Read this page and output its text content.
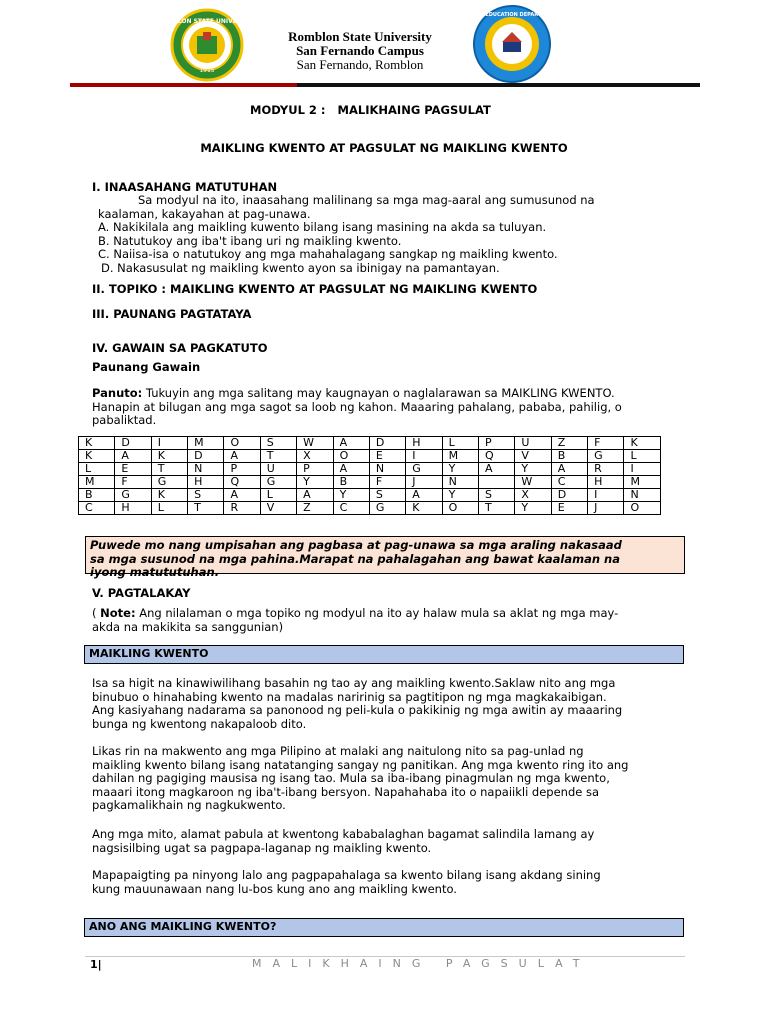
ROMBLON STATE UNIVERSITY
1915
BASIC EDUCATION DEPARTMENT
Romblon State University
San Fernando Campus
San Fernando, Romblon
MODYUL 2 : MALIKHAING PAGSULAT
MAIKLING KWENTO AT PAGSULAT NG MAIKLING KWENTO
I. INAASAHANG MATUTUHAN
Sa modyul na ito, inaasahang malilinang sa mga mag-aaral ang sumusunod na
kaalaman, kakayahan at pag-unawa.
A. Nakikilala ang maikling kuwento bilang isang masining na akda sa tuluyan.
B. Natutukoy ang iba't ibang uri ng maikling kwento.
C. Naiisa-isa o natutukoy ang mga mahahalagang sangkap ng maikling kwento.
D. Nakasusulat ng maikling kwento ayon sa ibinigay na pamantayan.
II. TOPIKO : MAIKLING KWENTO AT PAGSULAT NG MAIKLING KWENTO
III. PAUNANG PAGTATAYA
IV. GAWAIN SA PAGKATUTO
Paunang Gawain
Panuto: Tukuyin ang mga salitang may kaugnayan o naglalarawan sa MAIKLING KWENTO.
Hanapin at bilugan ang mga sagot sa loob ng kahon. Maaaring pahalang, pababa, pahilig, o
pabaliktad.
K	D	I	M	O	S	W	A	D	H	L	P	U	Z	F	K
K	A	K	D	A	T	X	O	E	I	M	Q	V	B	G	L
L	E	T	N	P	U	P	A	N	G	Y	A	Y	A	R	I
M	F	G	H	Q	G	Y	B	F	J	N		W	C	H	M
B	G	K	S	A	L	A	Y	S	A	Y	S	X	D	I	N
C	H	L	T	R	V	Z	C	G	K	O	T	Y	E	J	O
Puwede mo nang umpisahan ang pagbasa at pag-unawa sa mga araling nakasaad
sa mga susunod na mga pahina.Marapat na pahalagahan ang bawat kaalaman na
iyong matututuhan.
V. PAGTALAKAY
( Note: Ang nilalaman o mga topiko ng modyul na ito ay halaw mula sa aklat ng mga may-
akda na makikita sa sanggunian)
MAIKLING KWENTO
Isa sa higit na kinawiwilihang basahin ng tao ay ang maikling kwento.Saklaw nito ang mga
binubuo o hinahabing kwento na madalas naririnig sa pagtitipon ng mga magkakaibigan.
Ang kasiyahang nadarama sa panonood ng peli-kula o pakikinig ng mga awitin ay maaaring
bunga ng kwentong nakapaloob dito.
Likas rin na makwento ang mga Pilipino at malaki ang naitulong nito sa pag-unlad ng
maikling kwento bilang isang natatanging sangay ng panitikan. Ang mga kwento ring ito ang
dahilan ng pagiging mausisa ng isang tao. Mula sa iba-ibang pinagmulan ng mga kwento,
maaari itong magkaroon ng iba't-ibang bersyon. Napahahaba ito o napaiikli depende sa
pagkamalikhain ng nagkukwento.
Ang mga mito, alamat pabula at kwentong kababalaghan bagamat salindila lamang ay
nagsisilbing ugat sa pagpapa-laganap ng maikling kwento.
Mapapaigting pa ninyong lalo ang pagpapahalaga sa kwento bilang isang akdang sining
kung mauunawaan nang lu-bos kung ano ang maikling kwento.
ANO ANG MAIKLING KWENTO?
1|	MALIKHAING PAGSULAT
